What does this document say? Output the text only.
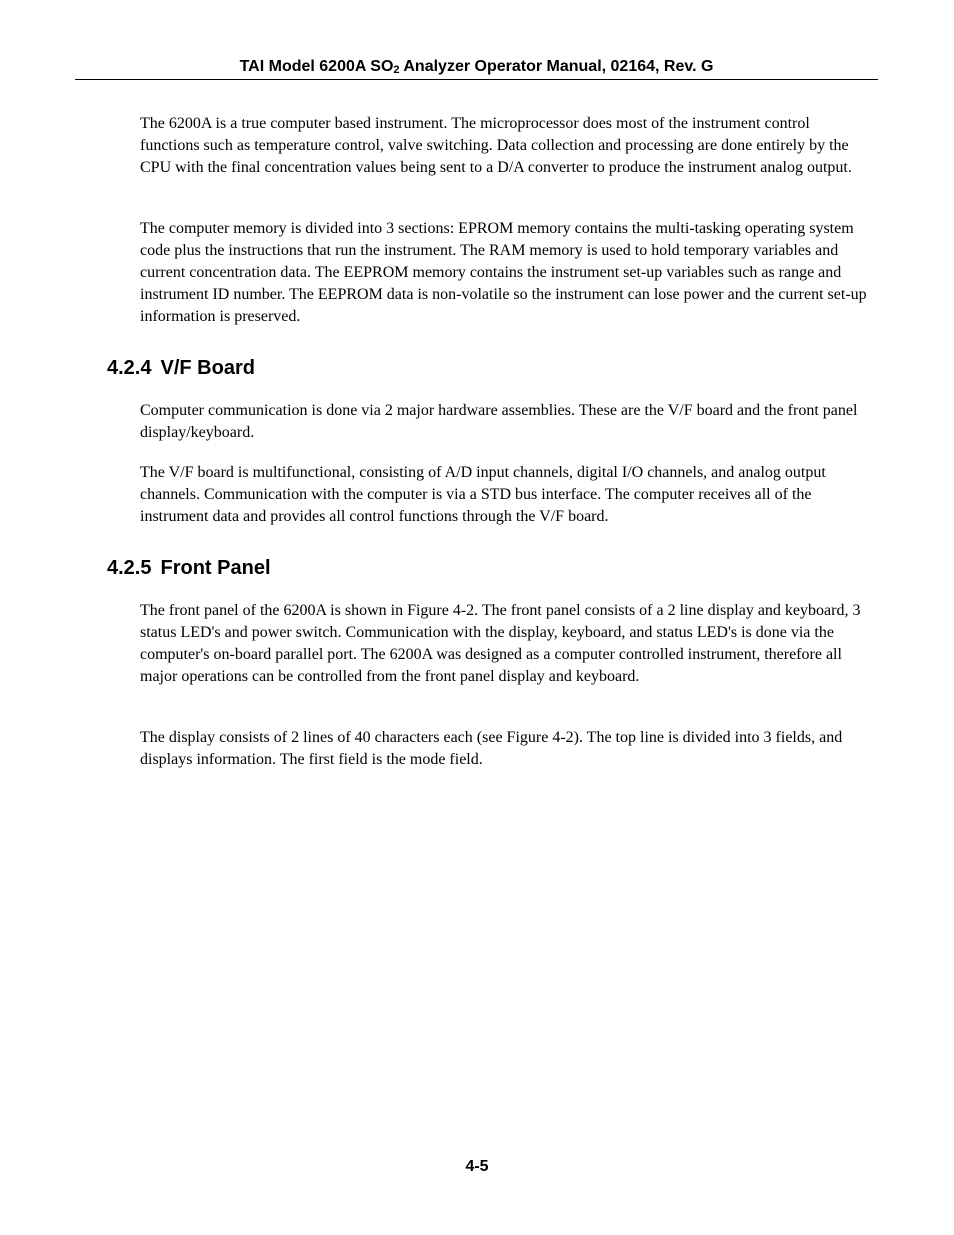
TAI Model 6200A $SO_2$ Analyzer Operator Manual, 02164, Rev. G

The 6200A is a true computer based instrument. The microprocessor does most of the instrument control functions such as temperature control, valve switching. Data collection and processing are done entirely by the CPU with the final concentration values being sent to a D/A converter to produce the instrument analog output.

The computer memory is divided into 3 sections: EPROM memory contains the multi-tasking operating system code plus the instructions that run the instrument. The RAM memory is used to hold temporary variables and current concentration data. The EEPROM memory contains the instrument set-up variables such as range and instrument ID number. The EEPROM data is non-volatile so the instrument can lose power and the current set-up information is preserved.

4.2.4 V/F Board

Computer communication is done via 2 major hardware assemblies. These are the V/F board and the front panel display/keyboard.

The V/F board is multifunctional, consisting of A/D input channels, digital I/O channels, and analog output channels. Communication with the computer is via a STD bus interface. The computer receives all of the instrument data and provides all control functions through the V/F board.

4.2.5 Front Panel

The front panel of the 6200A is shown in Figure 4-2. The front panel consists of a 2 line display and keyboard, 3 status LED's and power switch. Communication with the display, keyboard, and status LED's is done via the computer's on-board parallel port. The 6200A was designed as a computer controlled instrument, therefore all major operations can be controlled from the front panel display and keyboard.

The display consists of 2 lines of 40 characters each (see Figure 4-2). The top line is divided into 3 fields, and displays information. The first field is the mode field.

4-5
